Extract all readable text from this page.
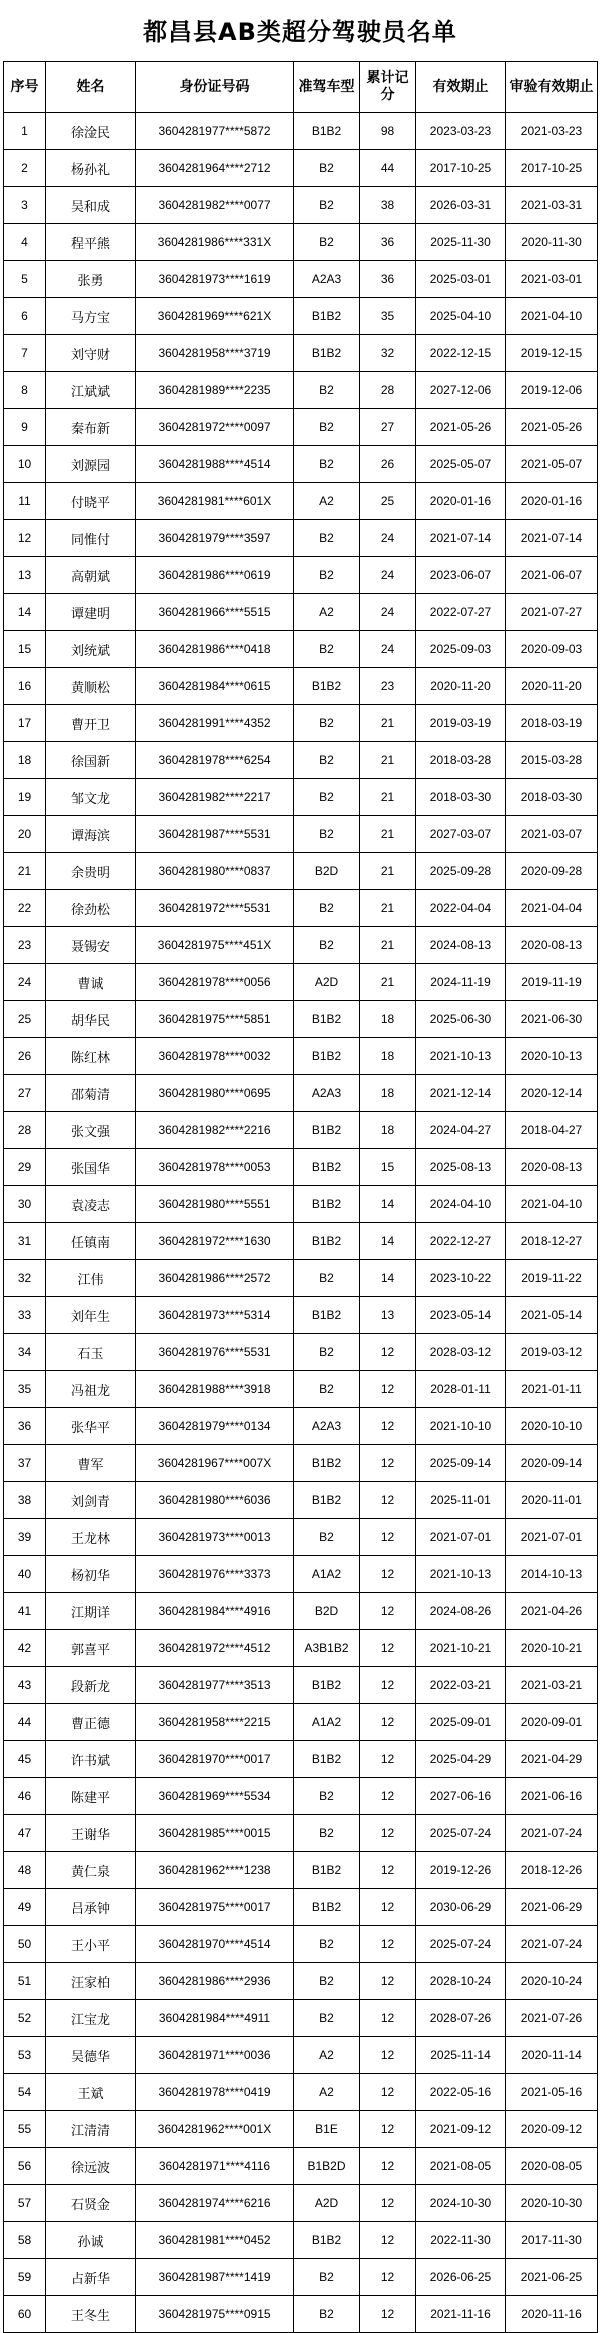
都昌县AB类超分驾驶员名单
序号	姓名	身份证号码	准驾车型	累计记分	有效期止	审验有效期止
1	徐淦民	3604281977****5872	B1B2	98	2023-03-23	2021-03-23
2	杨孙礼	3604281964****2712	B2	44	2017-10-25	2017-10-25
3	吴和成	3604281982****0077	B2	38	2026-03-31	2021-03-31
4	程平熊	3604281986****331X	B2	36	2025-11-30	2020-11-30
5	张勇	3604281973****1619	A2A3	36	2025-03-01	2021-03-01
6	马方宝	3604281969****621X	B1B2	35	2025-04-10	2021-04-10
7	刘守财	3604281958****3719	B1B2	32	2022-12-15	2019-12-15
8	江斌斌	3604281989****2235	B2	28	2027-12-06	2019-12-06
9	秦布新	3604281972****0097	B2	27	2021-05-26	2021-05-26
10	刘源园	3604281988****4514	B2	26	2025-05-07	2021-05-07
11	付晓平	3604281981****601X	A2	25	2020-01-16	2020-01-16
12	同惟付	3604281979****3597	B2	24	2021-07-14	2021-07-14
13	高朝斌	3604281986****0619	B2	24	2023-06-07	2021-06-07
14	谭建明	3604281966****5515	A2	24	2022-07-27	2021-07-27
15	刘统斌	3604281986****0418	B2	24	2025-09-03	2020-09-03
16	黄顺松	3604281984****0615	B1B2	23	2020-11-20	2020-11-20
17	曹开卫	3604281991****4352	B2	21	2019-03-19	2018-03-19
18	徐国新	3604281978****6254	B2	21	2018-03-28	2015-03-28
19	邹文龙	3604281982****2217	B2	21	2018-03-30	2018-03-30
20	谭海滨	3604281987****5531	B2	21	2027-03-07	2021-03-07
21	余贵明	3604281980****0837	B2D	21	2025-09-28	2020-09-28
22	徐劲松	3604281972****5531	B2	21	2022-04-04	2021-04-04
23	聂锡安	3604281975****451X	B2	21	2024-08-13	2020-08-13
24	曹诚	3604281978****0056	A2D	21	2024-11-19	2019-11-19
25	胡华民	3604281975****5851	B1B2	18	2025-06-30	2021-06-30
26	陈红林	3604281978****0032	B1B2	18	2021-10-13	2020-10-13
27	邵菊清	3604281980****0695	A2A3	18	2021-12-14	2020-12-14
28	张文强	3604281982****2216	B1B2	18	2024-04-27	2018-04-27
29	张国华	3604281978****0053	B1B2	15	2025-08-13	2020-08-13
30	袁凌志	3604281980****5551	B1B2	14	2024-04-10	2021-04-10
31	任镇南	3604281972****1630	B1B2	14	2022-12-27	2018-12-27
32	江伟	3604281986****2572	B2	14	2023-10-22	2019-11-22
33	刘年生	3604281973****5314	B1B2	13	2023-05-14	2021-05-14
34	石玉	3604281976****5531	B2	12	2028-03-12	2019-03-12
35	冯祖龙	3604281988****3918	B2	12	2028-01-11	2021-01-11
36	张华平	3604281979****0134	A2A3	12	2021-10-10	2020-10-10
37	曹军	3604281967****007X	B1B2	12	2025-09-14	2020-09-14
38	刘剑青	3604281980****6036	B1B2	12	2025-11-01	2020-11-01
39	王龙林	3604281973****0013	B2	12	2021-07-01	2021-07-01
40	杨初华	3604281976****3373	A1A2	12	2021-10-13	2014-10-13
41	江期详	3604281984****4916	B2D	12	2024-08-26	2021-04-26
42	郭喜平	3604281972****4512	A3B1B2	12	2021-10-21	2020-10-21
43	段新龙	3604281977****3513	B1B2	12	2022-03-21	2021-03-21
44	曹正德	3604281958****2215	A1A2	12	2025-09-01	2020-09-01
45	许书斌	3604281970****0017	B1B2	12	2025-04-29	2021-04-29
46	陈建平	3604281969****5534	B2	12	2027-06-16	2021-06-16
47	王谢华	3604281985****0015	B2	12	2025-07-24	2021-07-24
48	黄仁泉	3604281962****1238	B1B2	12	2019-12-26	2018-12-26
49	吕承钟	3604281975****0017	B1B2	12	2030-06-29	2021-06-29
50	王小平	3604281970****4514	B2	12	2025-07-24	2021-07-24
51	汪家柏	3604281986****2936	B2	12	2028-10-24	2020-10-24
52	江宝龙	3604281984****4911	B2	12	2028-07-26	2021-07-26
53	吴德华	3604281971****0036	A2	12	2025-11-14	2020-11-14
54	王斌	3604281978****0419	A2	12	2022-05-16	2021-05-16
55	江清清	3604281962****001X	B1E	12	2021-09-12	2020-09-12
56	徐远波	3604281971****4116	B1B2D	12	2021-08-05	2020-08-05
57	石贤金	3604281974****6216	A2D	12	2024-10-30	2020-10-30
58	孙诚	3604281981****0452	B1B2	12	2022-11-30	2017-11-30
59	占新华	3604281987****1419	B2	12	2026-06-25	2021-06-25
60	王冬生	3604281975****0915	B2	12	2021-11-16	2020-11-16
